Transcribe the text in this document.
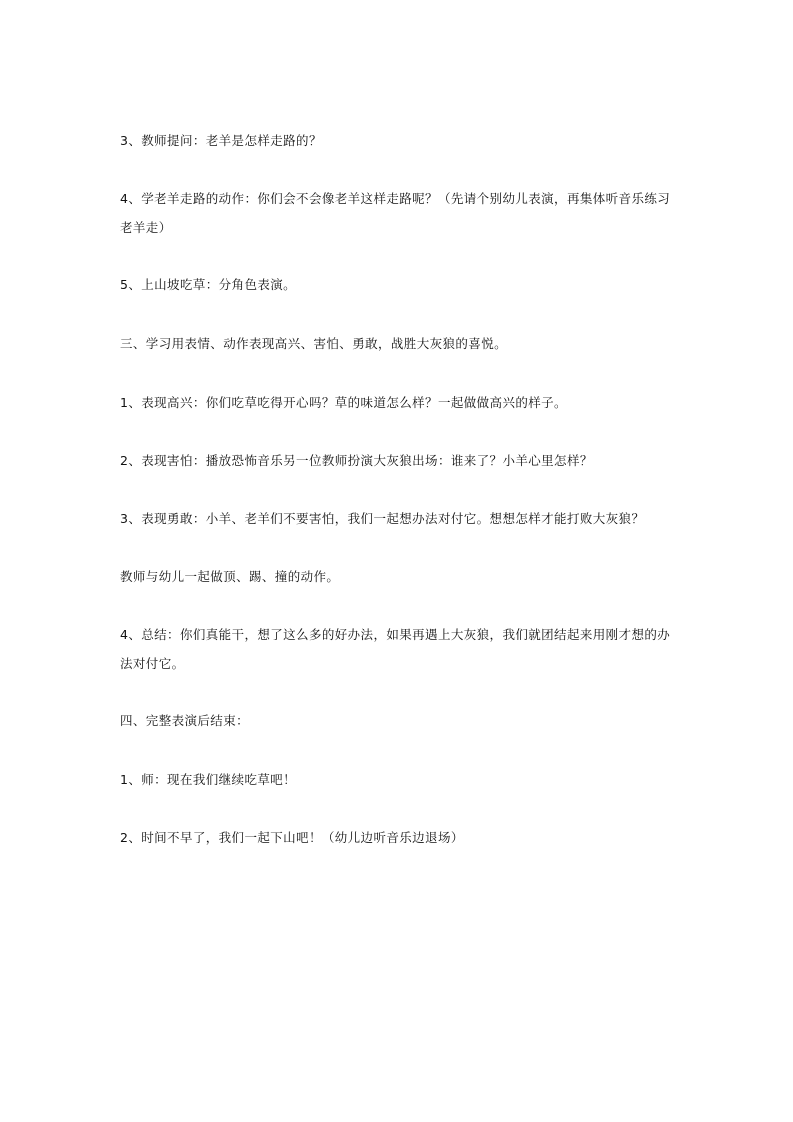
3、教师提问：老羊是怎样走路的？

4、学老羊走路的动作：你们会不会像老羊这样走路呢？（先请个别幼儿表演，再集体听音乐练习老羊走）

5、上山坡吃草：分角色表演。

三、学习用表情、动作表现高兴、害怕、勇敢，战胜大灰狼的喜悦。

1、表现高兴：你们吃草吃得开心吗？草的味道怎么样？一起做做高兴的样子。

2、表现害怕：播放恐怖音乐另一位教师扮演大灰狼出场：谁来了？小羊心里怎样？

3、表现勇敢：小羊、老羊们不要害怕，我们一起想办法对付它。想想怎样才能打败大灰狼？

教师与幼儿一起做顶、踢、撞的动作。

4、总结：你们真能干，想了这么多的好办法，如果再遇上大灰狼，我们就团结起来用刚才想的办法对付它。

四、完整表演后结束：

1、师：现在我们继续吃草吧！

2、时间不早了，我们一起下山吧！（幼儿边听音乐边退场）
